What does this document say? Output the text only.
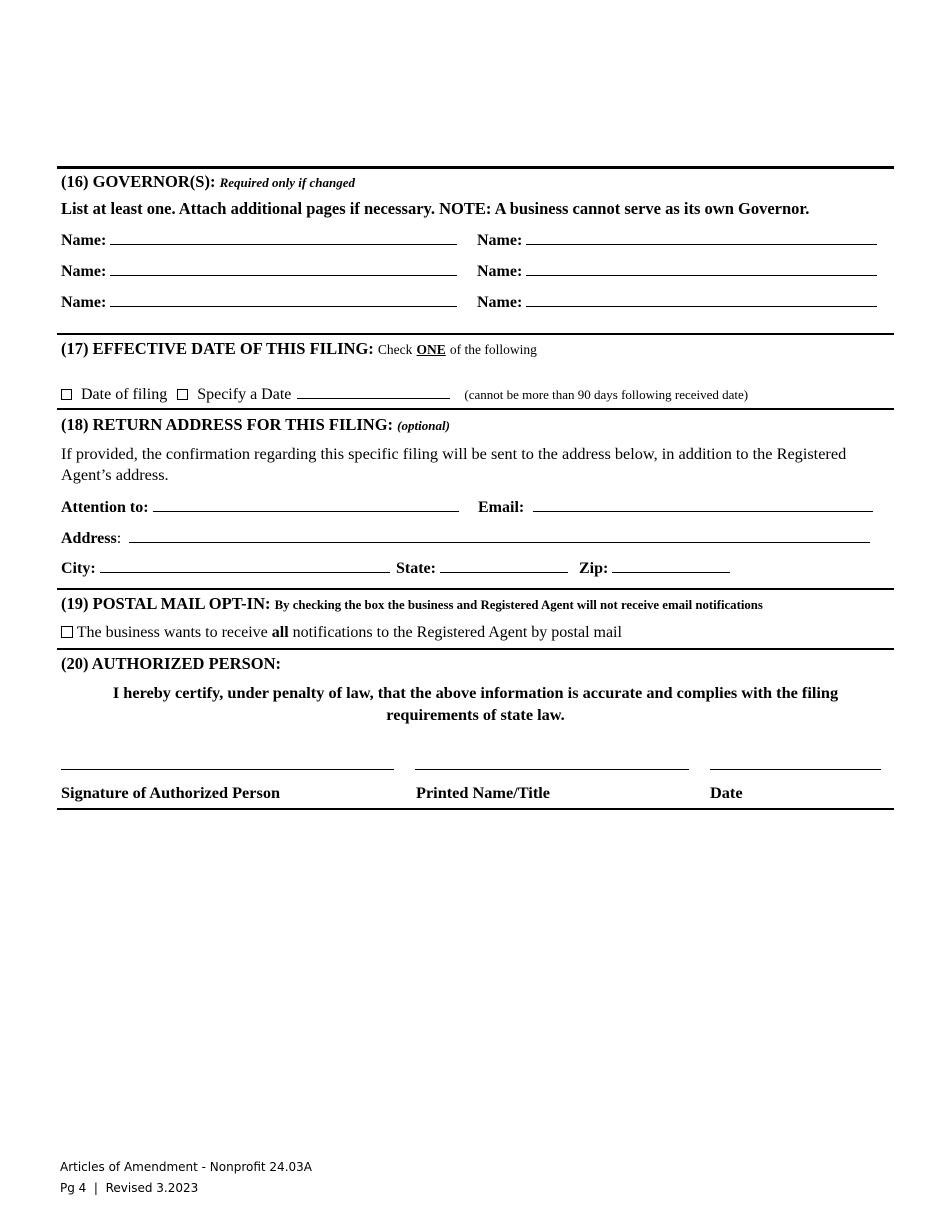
(16) GOVERNOR(S): Required only if changed
List at least one. Attach additional pages if necessary. NOTE: A business cannot serve as its own Governor.
Name:	Name:
Name:	Name:
Name:	Name:
(17) EFFECTIVE DATE OF THIS FILING: Check ONE of the following
Date of filing Specify a Date	(cannot be more than 90 days following received date)
(18) RETURN ADDRESS FOR THIS FILING: (optional)
If provided, the confirmation regarding this specific filing will be sent to the address below, in addition to the Registered
Agent’s address.
Attention to:	Email:
Address:
City:	State:	Zip:
(19) POSTAL MAIL OPT-IN: By checking the box the business and Registered Agent will not receive email notifications
The business wants to receive all notifications to the Registered Agent by postal mail
(20) AUTHORIZED PERSON:
I hereby certify, under penalty of law, that the above information is accurate and complies with the filing
requirements of state law.
Signature of Authorized Person	Printed Name/Title	Date
Articles of Amendment - Nonprofit 24.03A
Pg 4  |  Revised 3.2023
